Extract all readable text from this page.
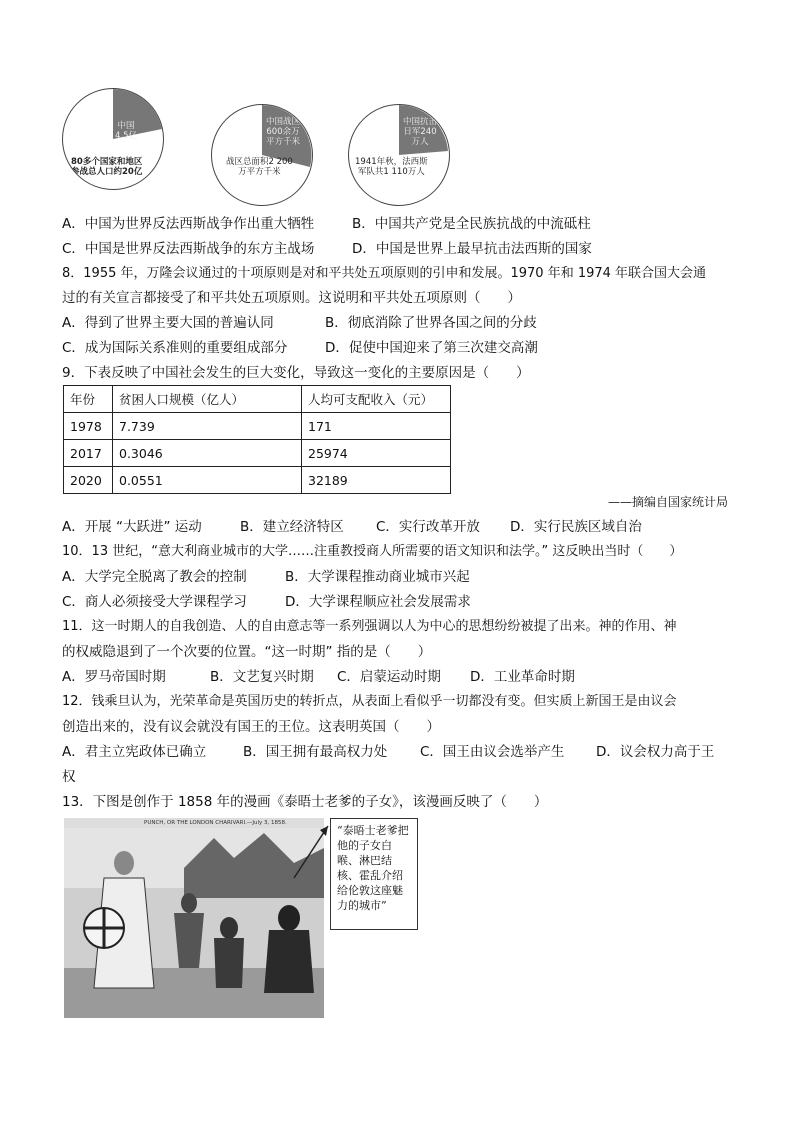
中国
4.5亿
80多个国家和地区
参战总人口约20亿
中国战区
600余万
平方千米
战区总面积2 200
万平方千米
中国抗击
日军240
万人
1941年秋，法西斯
军队共1 110万人
A．中国为世界反法西斯战争作出重大牺牲	B．中国共产党是全民族抗战的中流砥柱
C．中国是世界反法西斯战争的东方主战场	D．中国是世界上最早抗击法西斯的国家
8．1955 年，万隆会议通过的十项原则是对和平共处五项原则的引申和发展。1970 年和 1974 年联合国大会通
过的有关宣言都接受了和平共处五项原则。这说明和平共处五项原则（　　）
A．得到了世界主要大国的普遍认同	B．彻底消除了世界各国之间的分歧
C．成为国际关系准则的重要组成部分	D．促使中国迎来了第三次建交高潮
9．下表反映了中国社会发生的巨大变化，导致这一变化的主要原因是（　　）
年份	贫困人口规模（亿人）	人均可支配收入（元）
1978	7.739	171
2017	0.3046	25974
2020	0.0551	32189
——摘编自国家统计局
A．开展 “大跃进” 运动	B．建立经济特区 C．实行改革开放 D．实行民族区域自治
10．13 世纪，“意大利商业城市的大学……注重教授商人所需要的语文知识和法学。” 这反映出当时（　　）
A．大学完全脱离了教会的控制	B．大学课程推动商业城市兴起
C．商人必须接受大学课程学习	D．大学课程顺应社会发展需求
11．这一时期人的自我创造、人的自由意志等一系列强调以人为中心的思想纷纷被提了出来。神的作用、神
的权威隐退到了一个次要的位置。“这一时期” 指的是（　　）
A．罗马帝国时期	B．文艺复兴时期 C．启蒙运动时期 D．工业革命时期
12．钱乘旦认为，光荣革命是英国历史的转折点，从表面上看似乎一切都没有变。但实质上新国王是由议会
创造出来的，没有议会就没有国王的王位。这表明英国（　　）
A．君主立宪政体已确立	B．国王拥有最高权力处 C．国王由议会选举产生 D．议会权力高于王
权
13．下图是创作于 1858 年的漫画《泰晤士老爹的子女》，该漫画反映了（　　）
PUNCH, OR THE LONDON CHARIVARI.—July 3, 1858.
“泰晤士老爹把他的子女白喉、淋巴结核、霍乱介绍给伦敦这座魅力的城市”
